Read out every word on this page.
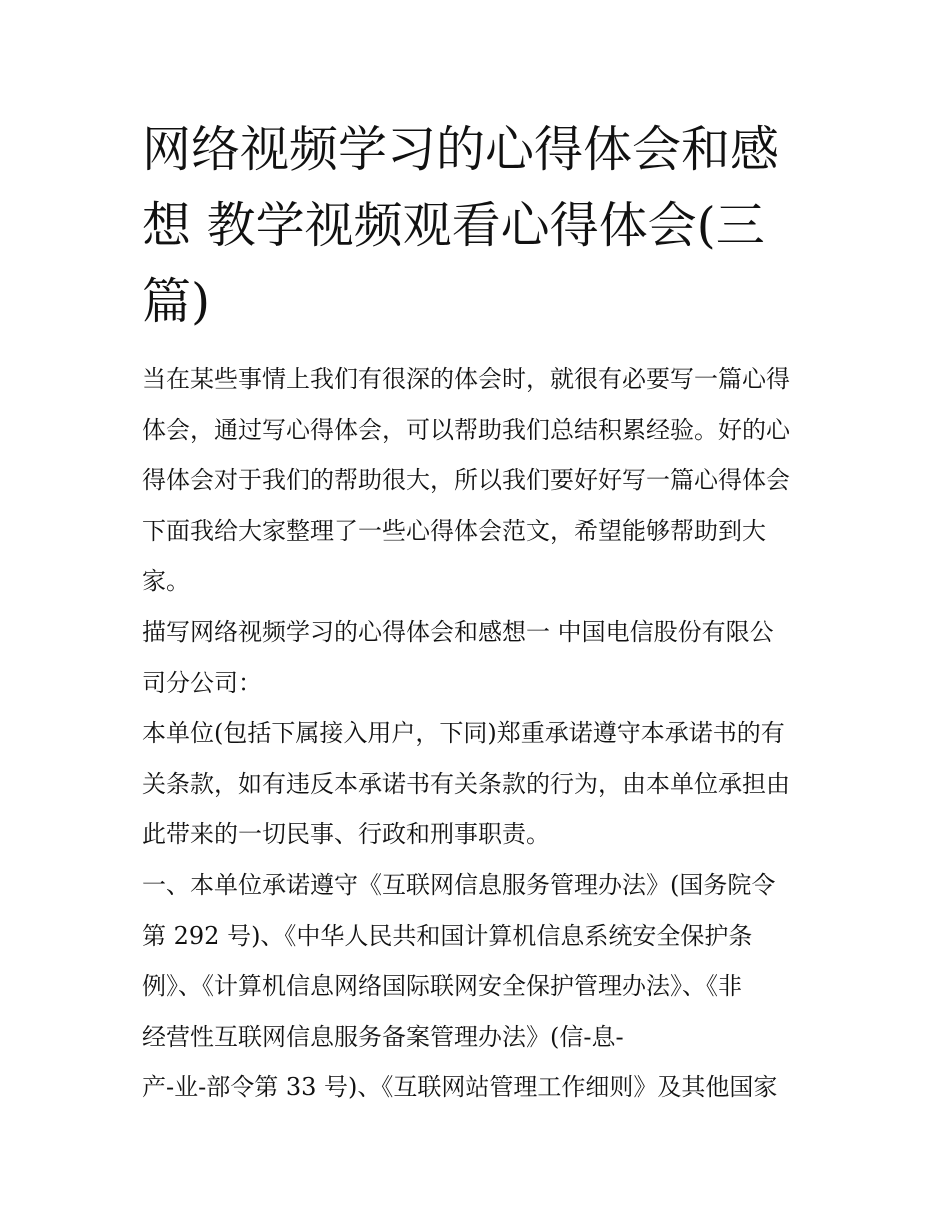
网络视频学习的心得体会和感
想 教学视频观看心得体会(三
篇)
当在某些事情上我们有很深的体会时，就很有必要写一篇心得
体会，通过写心得体会，可以帮助我们总结积累经验。好的心
得体会对于我们的帮助很大，所以我们要好好写一篇心得体会
下面我给大家整理了一些心得体会范文，希望能够帮助到大
家。
描写网络视频学习的心得体会和感想一 中国电信股份有限公
司分公司：
本单位(包括下属接入用户，下同)郑重承诺遵守本承诺书的有
关条款，如有违反本承诺书有关条款的行为，由本单位承担由
此带来的一切民事、行政和刑事职责。
一、本单位承诺遵守《互联网信息服务管理办法》(国务院令
第 292 号)、《中华人民共和国计算机信息系统安全保护条
例》、《计算机信息网络国际联网安全保护管理办法》、《非
经营性互联网信息服务备案管理办法》(信-息-
产-业-部令第 33 号)、《互联网站管理工作细则》及其他国家
